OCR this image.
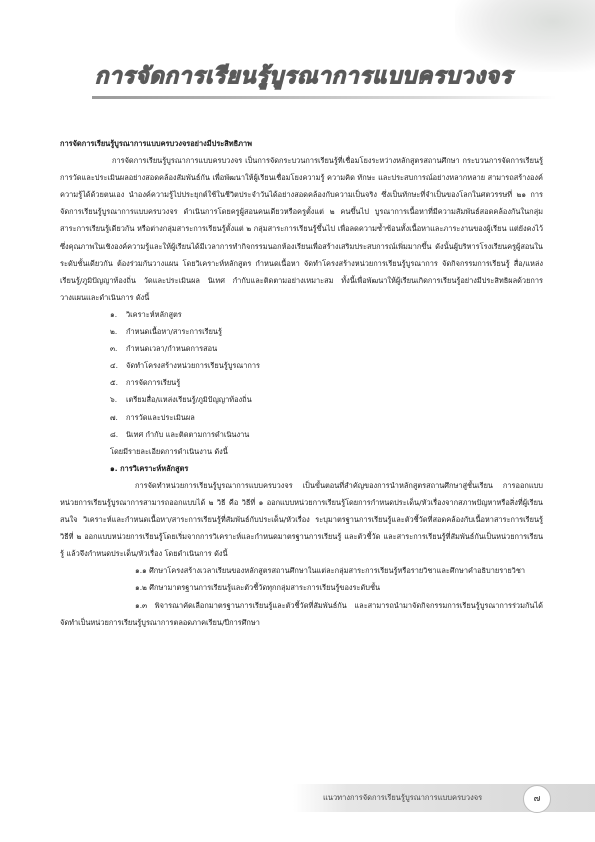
การจัดการเรียนรู้บูรณาการแบบครบวงจร

การจัดการเรียนรู้บูรณาการแบบครบวงจรอย่างมีประสิทธิภาพ

การจัดการเรียนรู้บูรณาการแบบครบวงจร เป็นการจัดกระบวนการเรียนรู้ที่เชื่อมโยงระหว่างหลักสูตรสถานศึกษา กระบวนการจัดการเรียนรู้ การวัดและประเมินผลอย่างสอดคล้องสัมพันธ์กัน เพื่อพัฒนาให้ผู้เรียนเชื่อมโยงความรู้ ความคิด ทักษะ และประสบการณ์อย่างหลากหลาย สามารถสร้างองค์ความรู้ได้ด้วยตนเอง นำองค์ความรู้ไปประยุกต์ใช้ในชีวิตประจำวันได้อย่างสอดคล้องกับความเป็นจริง ซึ่งเป็นทักษะที่จำเป็นของโลกในศตวรรษที่ ๒๑ การจัดการเรียนรู้บูรณาการแบบครบวงจร ดำเนินการโดยครูผู้สอนคนเดียวหรือครูตั้งแต่ ๒ คนขึ้นไป บูรณาการเนื้อหาที่มีความสัมพันธ์สอดคล้องกันในกลุ่มสาระการเรียนรู้เดียวกัน หรือต่างกลุ่มสาระการเรียนรู้ตั้งแต่ ๒ กลุ่มสาระการเรียนรู้ขึ้นไป เพื่อลดความซ้ำซ้อนทั้งเนื้อหาและภาระงานของผู้เรียน แต่ยังคงไว้ซึ่งคุณภาพในเชิงองค์ความรู้และให้ผู้เรียนได้มีเวลาการทำกิจกรรมนอกห้องเรียนเพื่อสร้างเสริมประสบการณ์เพิ่มมากขึ้น ดังนั้นผู้บริหารโรงเรียนครูผู้สอนในระดับชั้นเดียวกัน ต้องร่วมกันวางแผน โดยวิเคราะห์หลักสูตร กำหนดเนื้อหา จัดทำโครงสร้างหน่วยการเรียนรู้บูรณาการ จัดกิจกรรมการเรียนรู้ สื่อ/แหล่งเรียนรู้/ภูมิปัญญาท้องถิ่น วัดและประเมินผล นิเทศ กำกับและติดตามอย่างเหมาะสม ทั้งนี้เพื่อพัฒนาให้ผู้เรียนเกิดการเรียนรู้อย่างมีประสิทธิผลด้วยการวางแผนและดำเนินการ ดังนี้

๑. วิเคราะห์หลักสูตร
๒. กำหนดเนื้อหา/สาระการเรียนรู้
๓. กำหนดเวลา/กำหนดการสอน
๔. จัดทำโครงสร้างหน่วยการเรียนรู้บูรณาการ
๕. การจัดการเรียนรู้
๖. เตรียมสื่อ/แหล่งเรียนรู้/ภูมิปัญญาท้องถิ่น
๗. การวัดและประเมินผล
๘. นิเทศ กำกับ และติดตามการดำเนินงาน

โดยมีรายละเอียดการดำเนินงาน ดังนี้

๑. การวิเคราะห์หลักสูตร

การจัดทำหน่วยการเรียนรู้บูรณาการแบบครบวงจร เป็นขั้นตอนที่สำคัญของการนำหลักสูตรสถานศึกษาสู่ชั้นเรียน การออกแบบหน่วยการเรียนรู้บูรณาการสามารถออกแบบได้ ๒ วิธี คือ วิธีที่ ๑ ออกแบบหน่วยการเรียนรู้โดยการกำหนดประเด็น/หัวเรื่องจากสภาพปัญหาหรือสิ่งที่ผู้เรียนสนใจ วิเคราะห์และกำหนดเนื้อหา/สาระการเรียนรู้ที่สัมพันธ์กับประเด็น/หัวเรื่อง ระบุมาตรฐานการเรียนรู้และตัวชี้วัดที่สอดคล้องกับเนื้อหาสาระการเรียนรู้ วิธีที่ ๒ ออกแบบหน่วยการเรียนรู้โดยเริ่มจากการวิเคราะห์และกำหนดมาตรฐานการเรียนรู้ และตัวชี้วัด และสาระการเรียนรู้ที่สัมพันธ์กันเป็นหน่วยการเรียนรู้ แล้วจึงกำหนดประเด็น/หัวเรื่อง โดยดำเนินการ ดังนี้

๑.๑ ศึกษาโครงสร้างเวลาเรียนของหลักสูตรสถานศึกษาในแต่ละกลุ่มสาระการเรียนรู้หรือรายวิชาและศึกษาคำอธิบายรายวิชา

๑.๒ ศึกษามาตรฐานการเรียนรู้และตัวชี้วัดทุกกลุ่มสาระการเรียนรู้ของระดับชั้น

๑.๓ พิจารณาคัดเลือกมาตรฐานการเรียนรู้และตัวชี้วัดที่สัมพันธ์กัน และสามารถนำมาจัดกิจกรรมการเรียนรู้บูรณาการร่วมกันได้ จัดทำเป็นหน่วยการเรียนรู้บูรณาการตลอดภาคเรียน/ปีการศึกษา

แนวทางการจัดการเรียนรู้บูรณาการแบบครบวงจร	๗
